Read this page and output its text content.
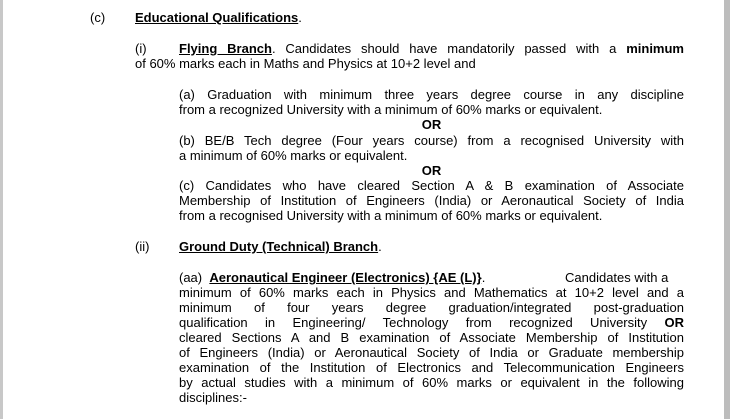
(c) Educational Qualifications.
(i) Flying Branch. Candidates should have mandatorily passed with a minimum
of 60% marks each in Maths and Physics at 10+2 level and
(a) Graduation with minimum three years degree course in any discipline
from a recognized University with a minimum of 60% marks or equivalent.
OR
(b) BE/B Tech degree (Four years course) from a recognised University with
a minimum of 60% marks or equivalent.
OR
(c) Candidates who have cleared Section A & B examination of Associate
Membership of Institution of Engineers (India) or Aeronautical Society of India
from a recognised University with a minimum of 60% marks or equivalent.
(ii) Ground Duty (Technical) Branch.
(aa) Aeronautical Engineer (Electronics) {AE (L)}.	Candidates with a
minimum of 60% marks each in Physics and Mathematics at 10+2 level and a
minimum of four years degree graduation/integrated post-graduation
qualification in Engineering/ Technology from recognized University OR
cleared Sections A and B examination of Associate Membership of Institution
of Engineers (India) or Aeronautical Society of India or Graduate membership
examination of the Institution of Electronics and Telecommunication Engineers
by actual studies with a minimum of 60% marks or equivalent in the following
disciplines:-
